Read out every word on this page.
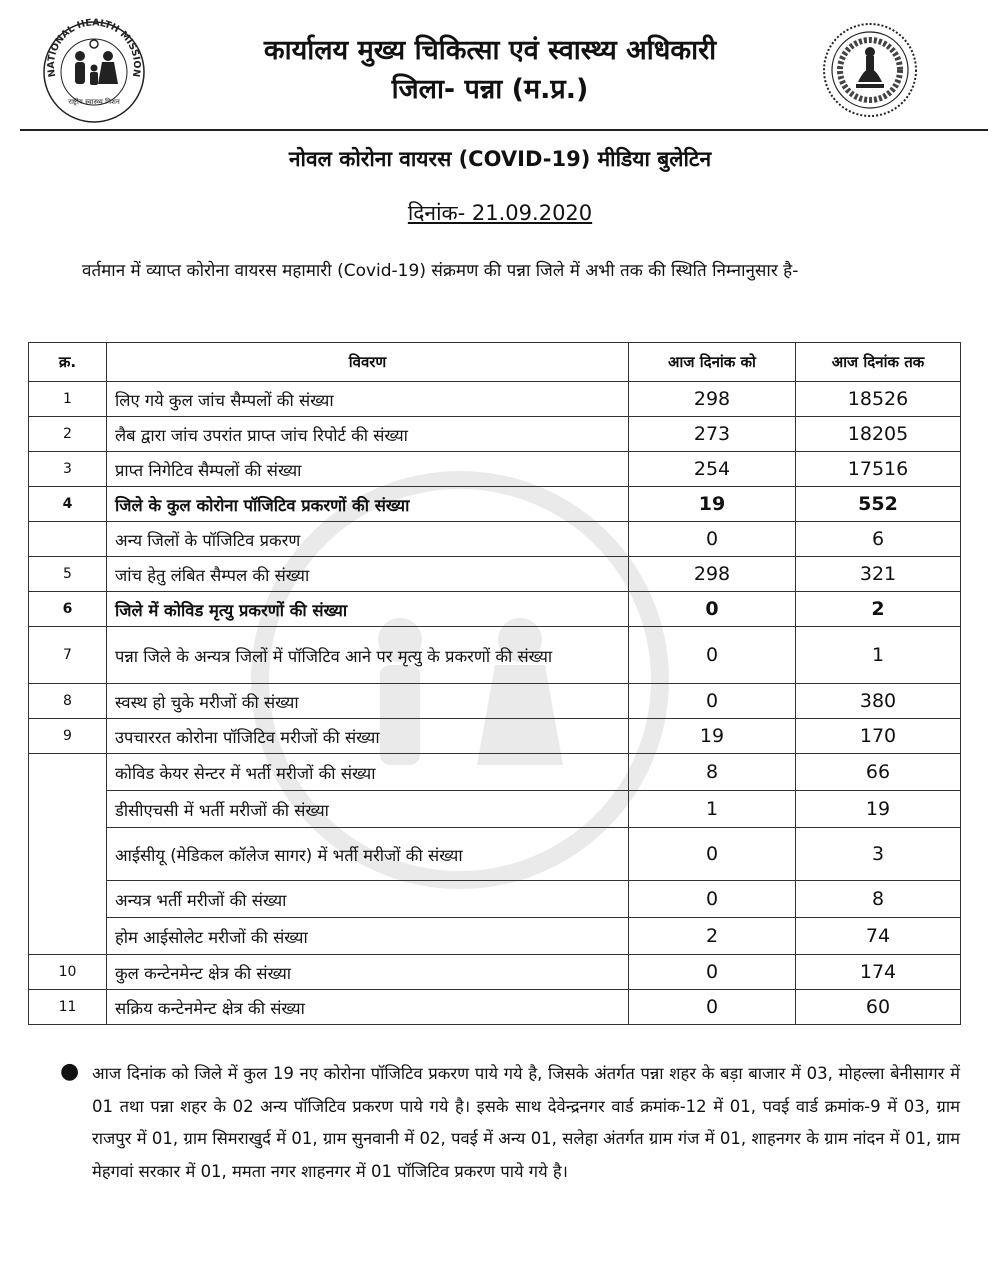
NATIONAL HEALTH MISSION
राष्ट्रीय स्वास्थ्य मिशन
कार्यालय मुख्य चिकित्सा एवं स्वास्थ्य अधिकारी
जिला- पन्ना (म.प्र.)
नोवल कोरोना वायरस (COVID-19) मीडिया बुलेटिन
दिनांक- 21.09.2020
वर्तमान में व्याप्त कोरोना वायरस महामारी (Covid-19) संक्रमण की पन्ना जिले में अभी तक की स्थिति निम्नानुसार है-
क्र.	विवरण	आज दिनांक को	आज दिनांक तक
1	लिए गये कुल जांच सैम्पलों की संख्या	298	18526
2	लैब द्वारा जांच उपरांत प्राप्त जांच रिपोर्ट की संख्या	273	18205
3	प्राप्त निगेटिव सैम्पलों की संख्या	254	17516
4	जिले के कुल कोरोना पॉजिटिव प्रकरणों की संख्या	19	552
	अन्य जिलों के पॉजिटिव प्रकरण	0	6
5	जांच हेतु लंबित सैम्पल की संख्या	298	321
6	जिले में कोविड मृत्यु प्रकरणों की संख्या	0	2
7	पन्ना जिले के अन्यत्र जिलों में पॉजिटिव आने पर मृत्यु के प्रकरणों की संख्या	0	1
8	स्वस्थ हो चुके मरीजों की संख्या	0	380
9	उपचाररत कोरोना पॉजिटिव मरीजों की संख्या	19	170
	कोविड केयर सेन्टर में भर्ती मरीजों की संख्या	8	66
	डीसीएचसी में भर्ती मरीजों की संख्या	1	19
	आईसीयू (मेडिकल कॉलेज सागर) में भर्ती मरीजों की संख्या	0	3
	अन्यत्र भर्ती मरीजों की संख्या	0	8
	होम आईसोलेट मरीजों की संख्या	2	74
10	कुल कन्टेनमेन्ट क्षेत्र की संख्या	0	174
11	सक्रिय कन्टेनमेन्ट क्षेत्र की संख्या	0	60
● आज दिनांक को जिले में कुल 19 नए कोरोना पॉजिटिव प्रकरण पाये गये है, जिसके अंतर्गत पन्ना शहर के बड़ा बाजार में 03, मोहल्ला बेनीसागर में 01 तथा पन्ना शहर के 02 अन्य पॉजिटिव प्रकरण पाये गये है। इसके साथ देवेन्द्रनगर वार्ड क्रमांक-12 में 01, पवई वार्ड क्रमांक-9 में 03, ग्राम राजपुर में 01, ग्राम सिमराखुर्द में 01, ग्राम सुनवानी में 02, पवई में अन्य 01, सलेहा अंतर्गत ग्राम गंज में 01, शाहनगर के ग्राम नांदन में 01, ग्राम मेहगवां सरकार में 01, ममता नगर शाहनगर में 01 पॉजिटिव प्रकरण पाये गये है।
